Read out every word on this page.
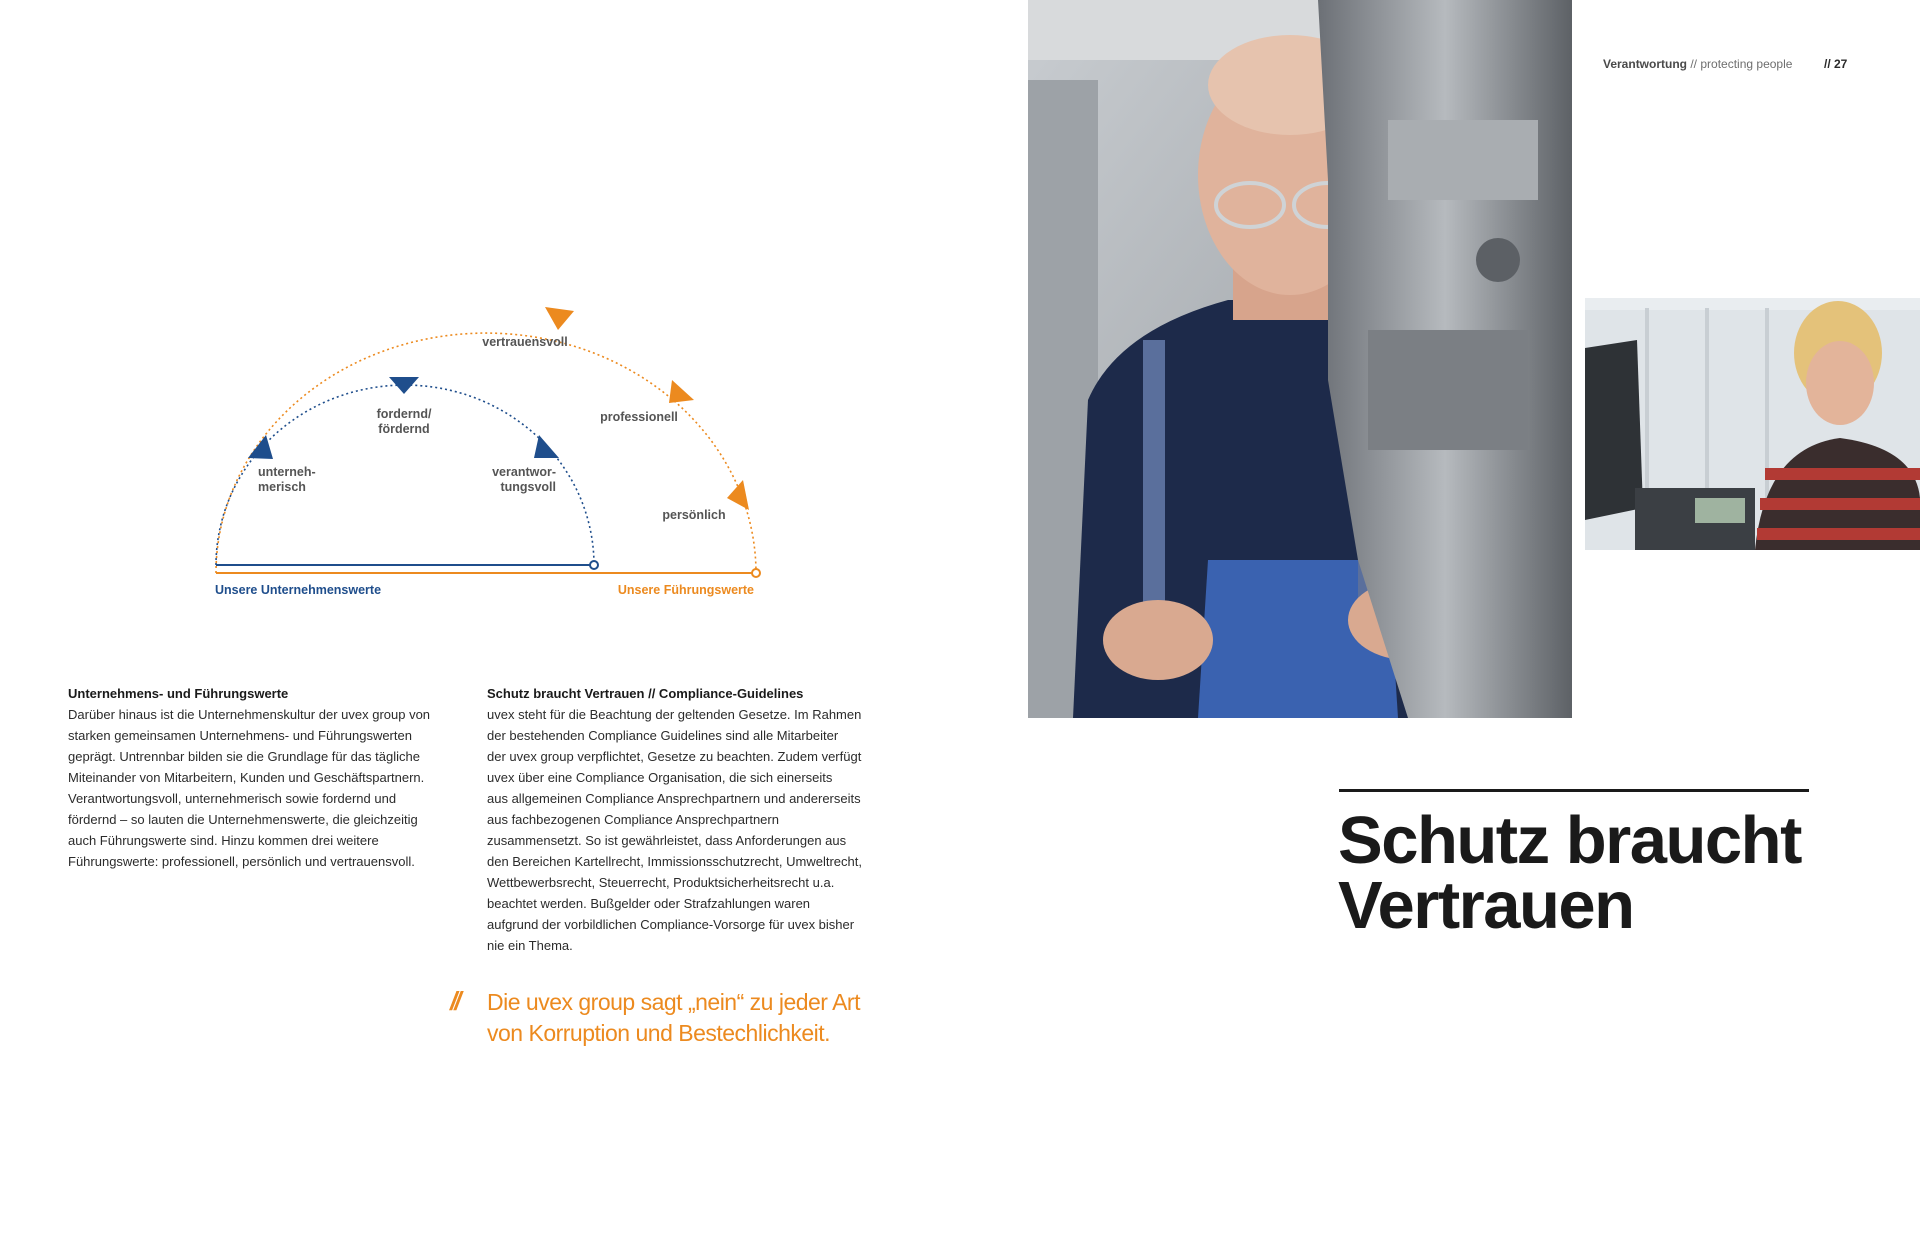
Verantwortung // protecting people	// 27
vertrauensvoll
professionell
persönlich
fordernd/
fördernd
unterneh-
merisch
verantwor-
tungsvoll
Unsere Unternehmenswerte	Unsere Führungswerte
Unternehmens- und Führungswerte
Darüber hinaus ist die Unternehmenskultur der uvex group von
starken gemeinsamen Unternehmens- und Führungswerten
geprägt. Untrennbar bilden sie die Grundlage für das tägliche
Miteinander von Mitarbeitern, Kunden und Geschäftspartnern.
Verantwortungsvoll, unternehmerisch sowie fordernd und
fördernd – so lauten die Unternehmenswerte, die gleichzeitig
auch Führungswerte sind. Hinzu kommen drei weitere
Führungswerte: professionell, persönlich und vertrauensvoll.
Schutz braucht Vertrauen // Compliance-Guidelines
uvex steht für die Beachtung der geltenden Gesetze. Im Rahmen
der bestehenden Compliance Guidelines sind alle Mitarbeiter
der uvex group verpflichtet, Gesetze zu beachten. Zudem verfügt
uvex über eine Compliance Organisation, die sich einerseits
aus allgemeinen Compliance Ansprechpartnern und andererseits
aus fachbezogenen Compliance Ansprechpartnern
zusammensetzt. So ist gewährleistet, dass Anforderungen aus
den Bereichen Kartellrecht, Immissionsschutzrecht, Umweltrecht,
Wettbewerbsrecht, Steuerrecht, Produktsicherheitsrecht u.a.
beachtet werden. Bußgelder oder Strafzahlungen waren
aufgrund der vorbildlichen Compliance-Vorsorge für uvex bisher
nie ein Thema.
// Die uvex group sagt „nein“ zu jeder Art
von Korruption und Bestechlichkeit.
Schutz braucht
Vertrauen
